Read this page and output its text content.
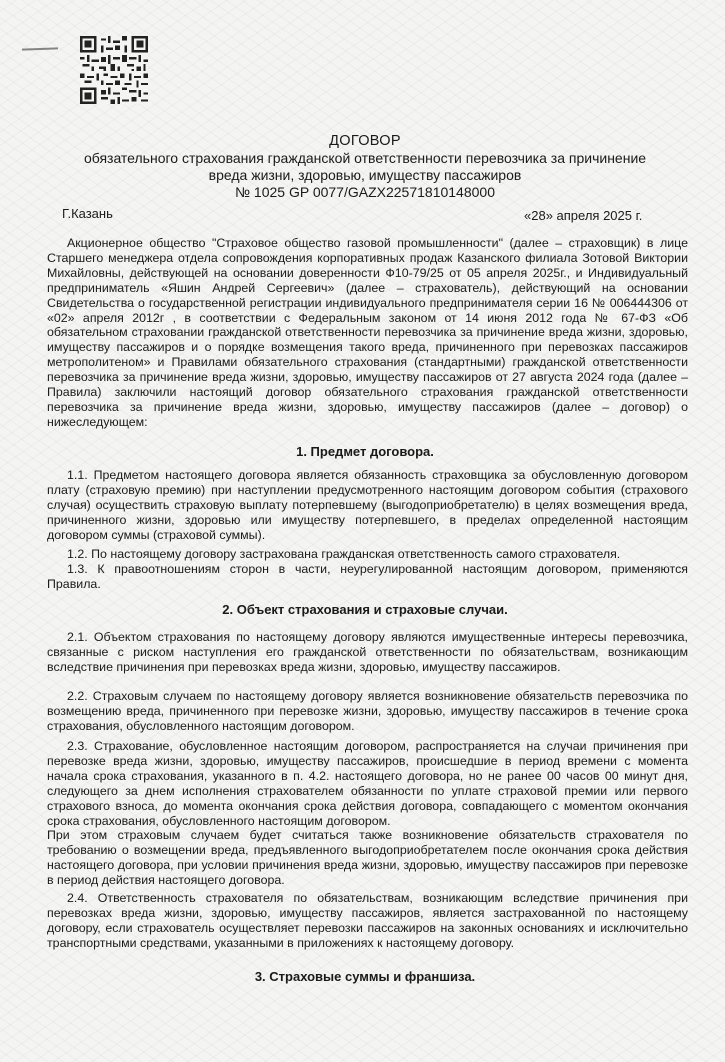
ДОГОВОР
обязательного страхования гражданской ответственности перевозчика за причинение
вреда жизни, здоровью, имуществу пассажиров
№ 1025 GP 0077/GAZX22571810148000
Г.Казань	«28» апреля 2025 г.
Акционерное общество "Страховое общество газовой промышленности" (далее – страховщик) в лице Старшего менеджера отдела сопровождения корпоративных продаж Казанского филиала Зотовой Виктории Михайловны, действующей на основании доверенности Ф10-79/25 от 05 апреля 2025г., и Индивидуальный предприниматель «Яшин Андрей Сергеевич» (далее – страхователь), действующий на основании Свидетельства о государственной регистрации индивидуального предпринимателя серии 16 № 006444306 от «02» апреля 2012г , в соответствии с Федеральным законом от 14 июня 2012 года № 67-ФЗ «Об обязательном страховании гражданской ответственности перевозчика за причинение вреда жизни, здоровью, имуществу пассажиров и о порядке возмещения такого вреда, причиненного при перевозках пассажиров метрополитеном» и Правилами обязательного страхования (стандартными) гражданской ответственности перевозчика за причинение вреда жизни, здоровью, имуществу пассажиров от 27 августа 2024 года (далее – Правила) заключили настоящий договор обязательного страхования гражданской ответственности перевозчика за причинение вреда жизни, здоровью, имуществу пассажиров (далее – договор) о нижеследующем:
1. Предмет договора.
1.1. Предметом настоящего договора является обязанность страховщика за обусловленную договором плату (страховую премию) при наступлении предусмотренного настоящим договором события (страхового случая) осуществить страховую выплату потерпевшему (выгодоприобретателю) в целях возмещения вреда, причиненного жизни, здоровью или имуществу потерпевшего, в пределах определенной настоящим договором суммы (страховой суммы).
1.2. По настоящему договору застрахована гражданская ответственность самого страхователя.
1.3. К правоотношениям сторон в части, неурегулированной настоящим договором, применяются Правила.
2. Объект страхования и страховые случаи.
2.1. Объектом страхования по настоящему договору являются имущественные интересы перевозчика, связанные с риском наступления его гражданской ответственности по обязательствам, возникающим вследствие причинения при перевозках вреда жизни, здоровью, имуществу пассажиров.
2.2. Страховым случаем по настоящему договору является возникновение обязательств перевозчика по возмещению вреда, причиненного при перевозке жизни, здоровью, имуществу пассажиров в течение срока страхования, обусловленного настоящим договором.
2.3. Страхование, обусловленное настоящим договором, распространяется на случаи причинения при перевозке вреда жизни, здоровью, имуществу пассажиров, происшедшие в период времени с момента начала срока страхования, указанного в п. 4.2. настоящего договора, но не ранее 00 часов 00 минут дня, следующего за днем исполнения страхователем обязанности по уплате страховой премии или первого страхового взноса, до момента окончания срока действия договора, совпадающего с моментом окончания срока страхования, обусловленного настоящим договором.
При этом страховым случаем будет считаться также возникновение обязательств страхователя по требованию о возмещении вреда, предъявленного выгодоприобретателем после окончания срока действия настоящего договора, при условии причинения вреда жизни, здоровью, имуществу пассажиров при перевозке в период действия настоящего договора.
2.4. Ответственность страхователя по обязательствам, возникающим вследствие причинения при перевозках вреда жизни, здоровью, имуществу пассажиров, является застрахованной по настоящему договору, если страхователь осуществляет перевозки пассажиров на законных основаниях и исключительно транспортными средствами, указанными в приложениях к настоящему договору.
3. Страховые суммы и франшиза.
